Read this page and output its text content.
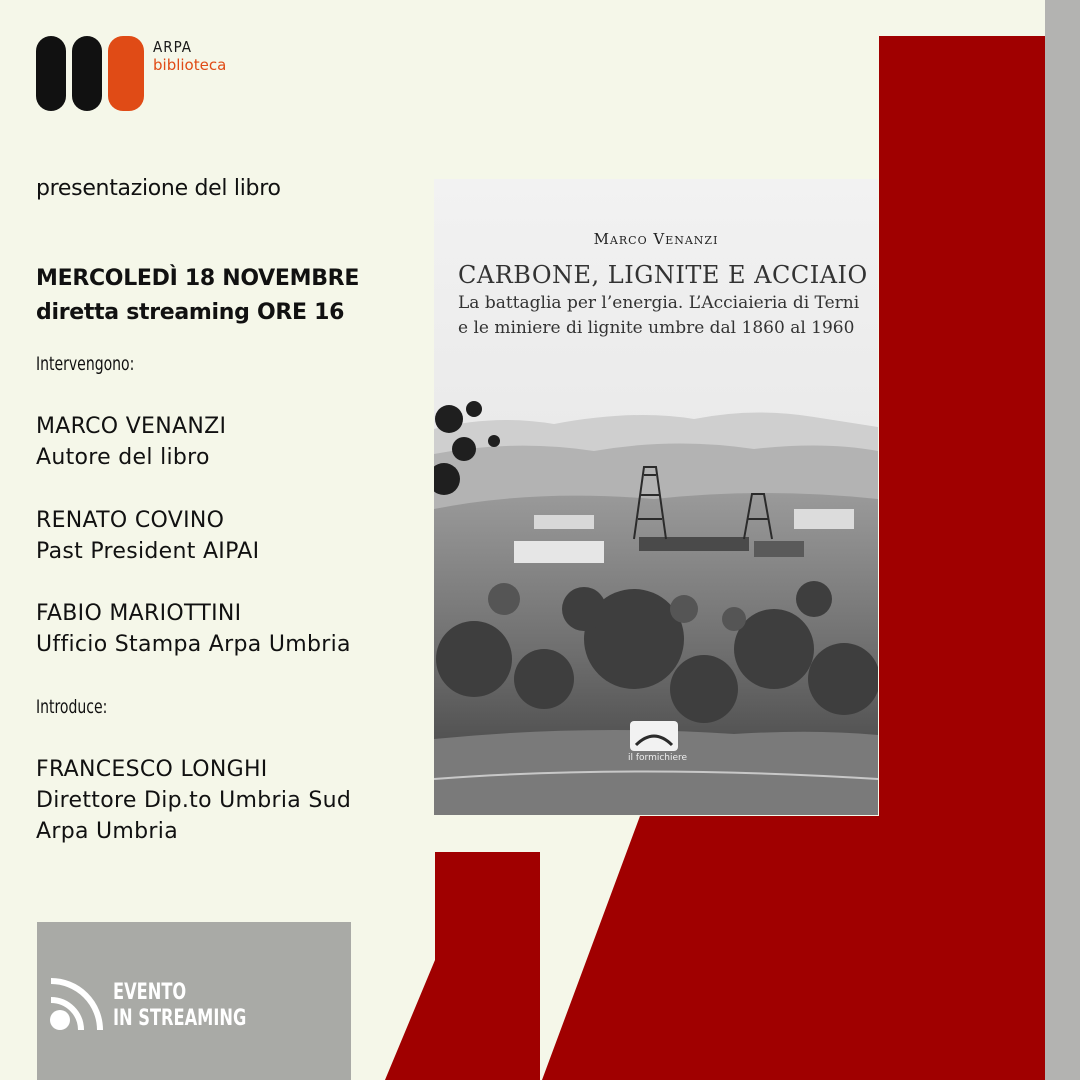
ARPA
biblioteca
presentazione del libro
MERCOLEDÌ 18 NOVEMBRE
diretta streaming ORE 16
Intervengono:
MARCO VENANZI
Autore del libro
RENATO COVINO
Past President AIPAI
FABIO MARIOTTINI
Ufficio Stampa Arpa Umbria
Introduce:
FRANCESCO LONGHI
Direttore Dip.to Umbria Sud
Arpa Umbria
Marco Venanzi
CARBONE, LIGNITE E ACCIAIO
La battaglia per l’energia. L’Acciaieria di Terni
e le miniere di lignite umbre dal 1860 al 1960
il formichiere
EVENTO
IN STREAMING
